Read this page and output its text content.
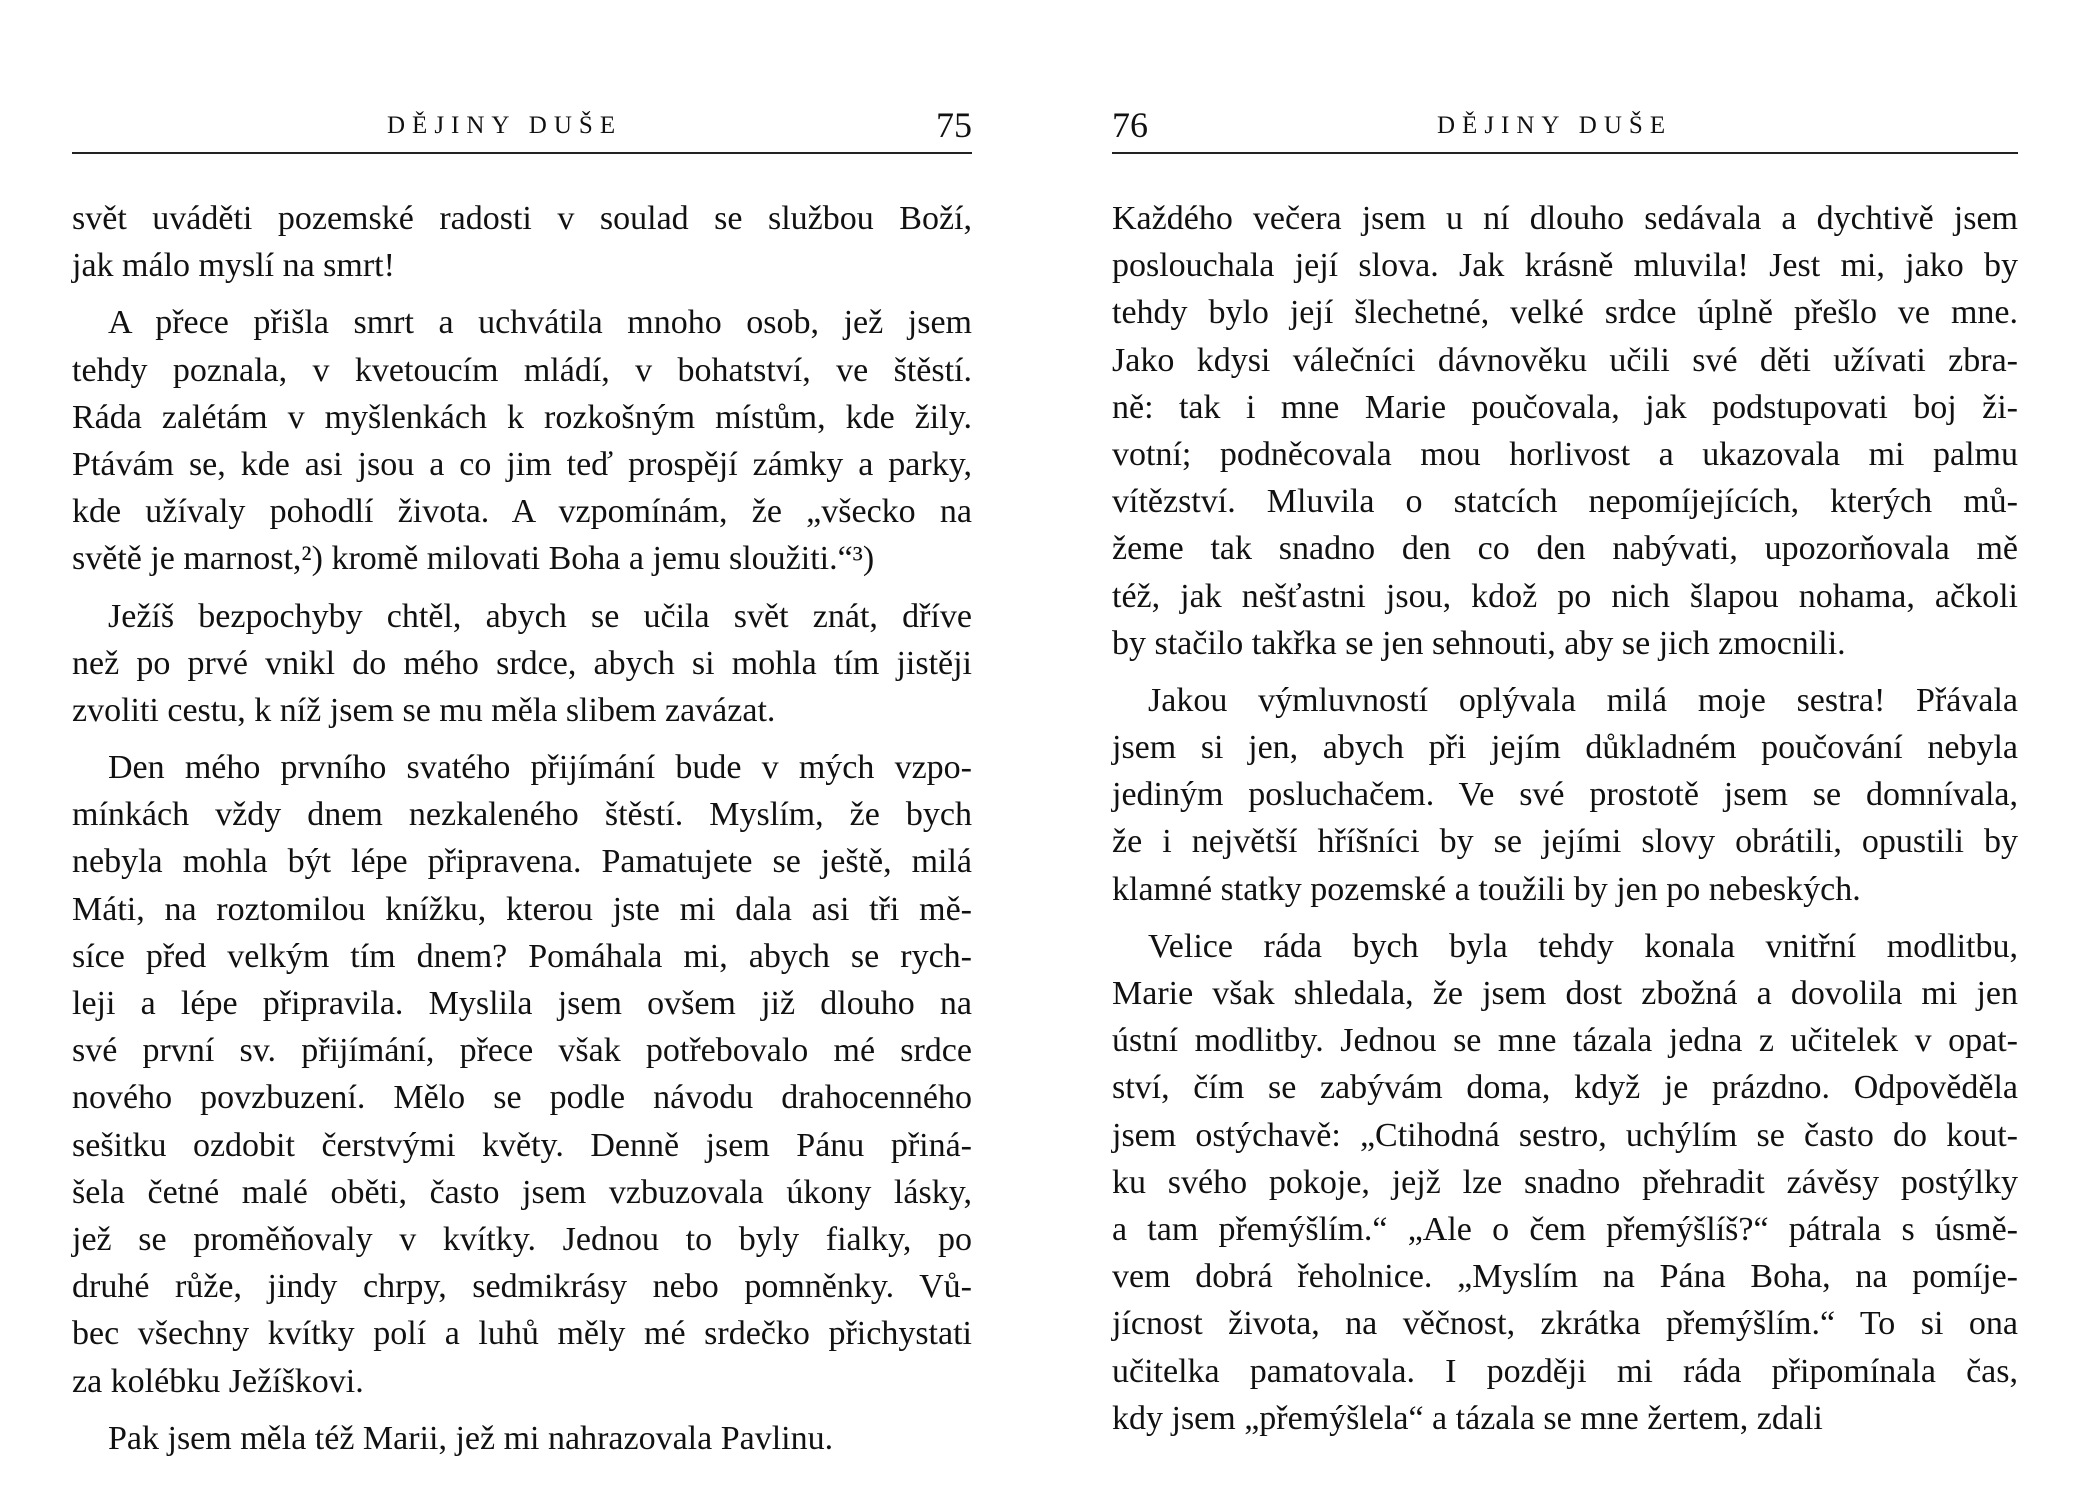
DĚJINY DUŠE	75
svět uváděti pozemské radosti v soulad se službou Boží,
jak málo myslí na smrt!
A přece přišla smrt a uchvátila mnoho osob, jež jsem
tehdy poznala, v kvetoucím mládí, v bohatství, ve štěstí.
Ráda zalétám v myšlenkách k rozkošným místům, kde žily.
Ptávám se, kde asi jsou a co jim teď prospějí zámky a parky,
kde užívaly pohodlí života. A vzpomínám, že „všecko na
světě je marnost,²) kromě milovati Boha a jemu sloužiti.“³)
Ježíš bezpochyby chtěl, abych se učila svět znát, dříve
než po prvé vnikl do mého srdce, abych si mohla tím jistěji
zvoliti cestu, k níž jsem se mu měla slibem zavázat.
Den mého prvního svatého přijímání bude v mých vzpo-
mínkách vždy dnem nezkaleného štěstí. Myslím, že bych
nebyla mohla být lépe připravena. Pamatujete se ještě, milá
Máti, na roztomilou knížku, kterou jste mi dala asi tři mě-
síce před velkým tím dnem? Pomáhala mi, abych se rych-
leji a lépe připravila. Myslila jsem ovšem již dlouho na
své první sv. přijímání, přece však potřebovalo mé srdce
nového povzbuzení. Mělo se podle návodu drahocenného
sešitku ozdobit čerstvými květy. Denně jsem Pánu přiná-
šela četné malé oběti, často jsem vzbuzovala úkony lásky,
jež se proměňovaly v kvítky. Jednou to byly fialky, po
druhé růže, jindy chrpy, sedmikrásy nebo pomněnky. Vů-
bec všechny kvítky polí a luhů měly mé srdečko přichystati
za kolébku Ježíškovi.
Pak jsem měla též Marii, jež mi nahrazovala Pavlinu.
76	DĚJINY DUŠE
Každého večera jsem u ní dlouho sedávala a dychtivě jsem
poslouchala její slova. Jak krásně mluvila! Jest mi, jako by
tehdy bylo její šlechetné, velké srdce úplně přešlo ve mne.
Jako kdysi válečníci dávnověku učili své děti užívati zbra-
ně: tak i mne Marie poučovala, jak podstupovati boj ži-
votní; podněcovala mou horlivost a ukazovala mi palmu
vítězství. Mluvila o statcích nepomíjejících, kterých mů-
žeme tak snadno den co den nabývati, upozorňovala mě
též, jak nešťastni jsou, kdož po nich šlapou nohama, ačkoli
by stačilo takřka se jen sehnouti, aby se jich zmocnili.
Jakou výmluvností oplývala milá moje sestra! Přávala
jsem si jen, abych při jejím důkladném poučování nebyla
jediným posluchačem. Ve své prostotě jsem se domnívala,
že i největší hříšníci by se jejími slovy obrátili, opustili by
klamné statky pozemské a toužili by jen po nebeských.
Velice ráda bych byla tehdy konala vnitřní modlitbu,
Marie však shledala, že jsem dost zbožná a dovolila mi jen
ústní modlitby. Jednou se mne tázala jedna z učitelek v opat-
ství, čím se zabývám doma, když je prázdno. Odpověděla
jsem ostýchavě: „Ctihodná sestro, uchýlím se často do kout-
ku svého pokoje, jejž lze snadno přehradit závěsy postýlky
a tam přemýšlím.“ „Ale o čem přemýšlíš?“ pátrala s úsmě-
vem dobrá řeholnice. „Myslím na Pána Boha, na pomíje-
jícnost života, na věčnost, zkrátka přemýšlím.“ To si ona
učitelka pamatovala. I později mi ráda připomínala čas,
kdy jsem „přemýšlela“ a tázala se mne žertem, zdali
